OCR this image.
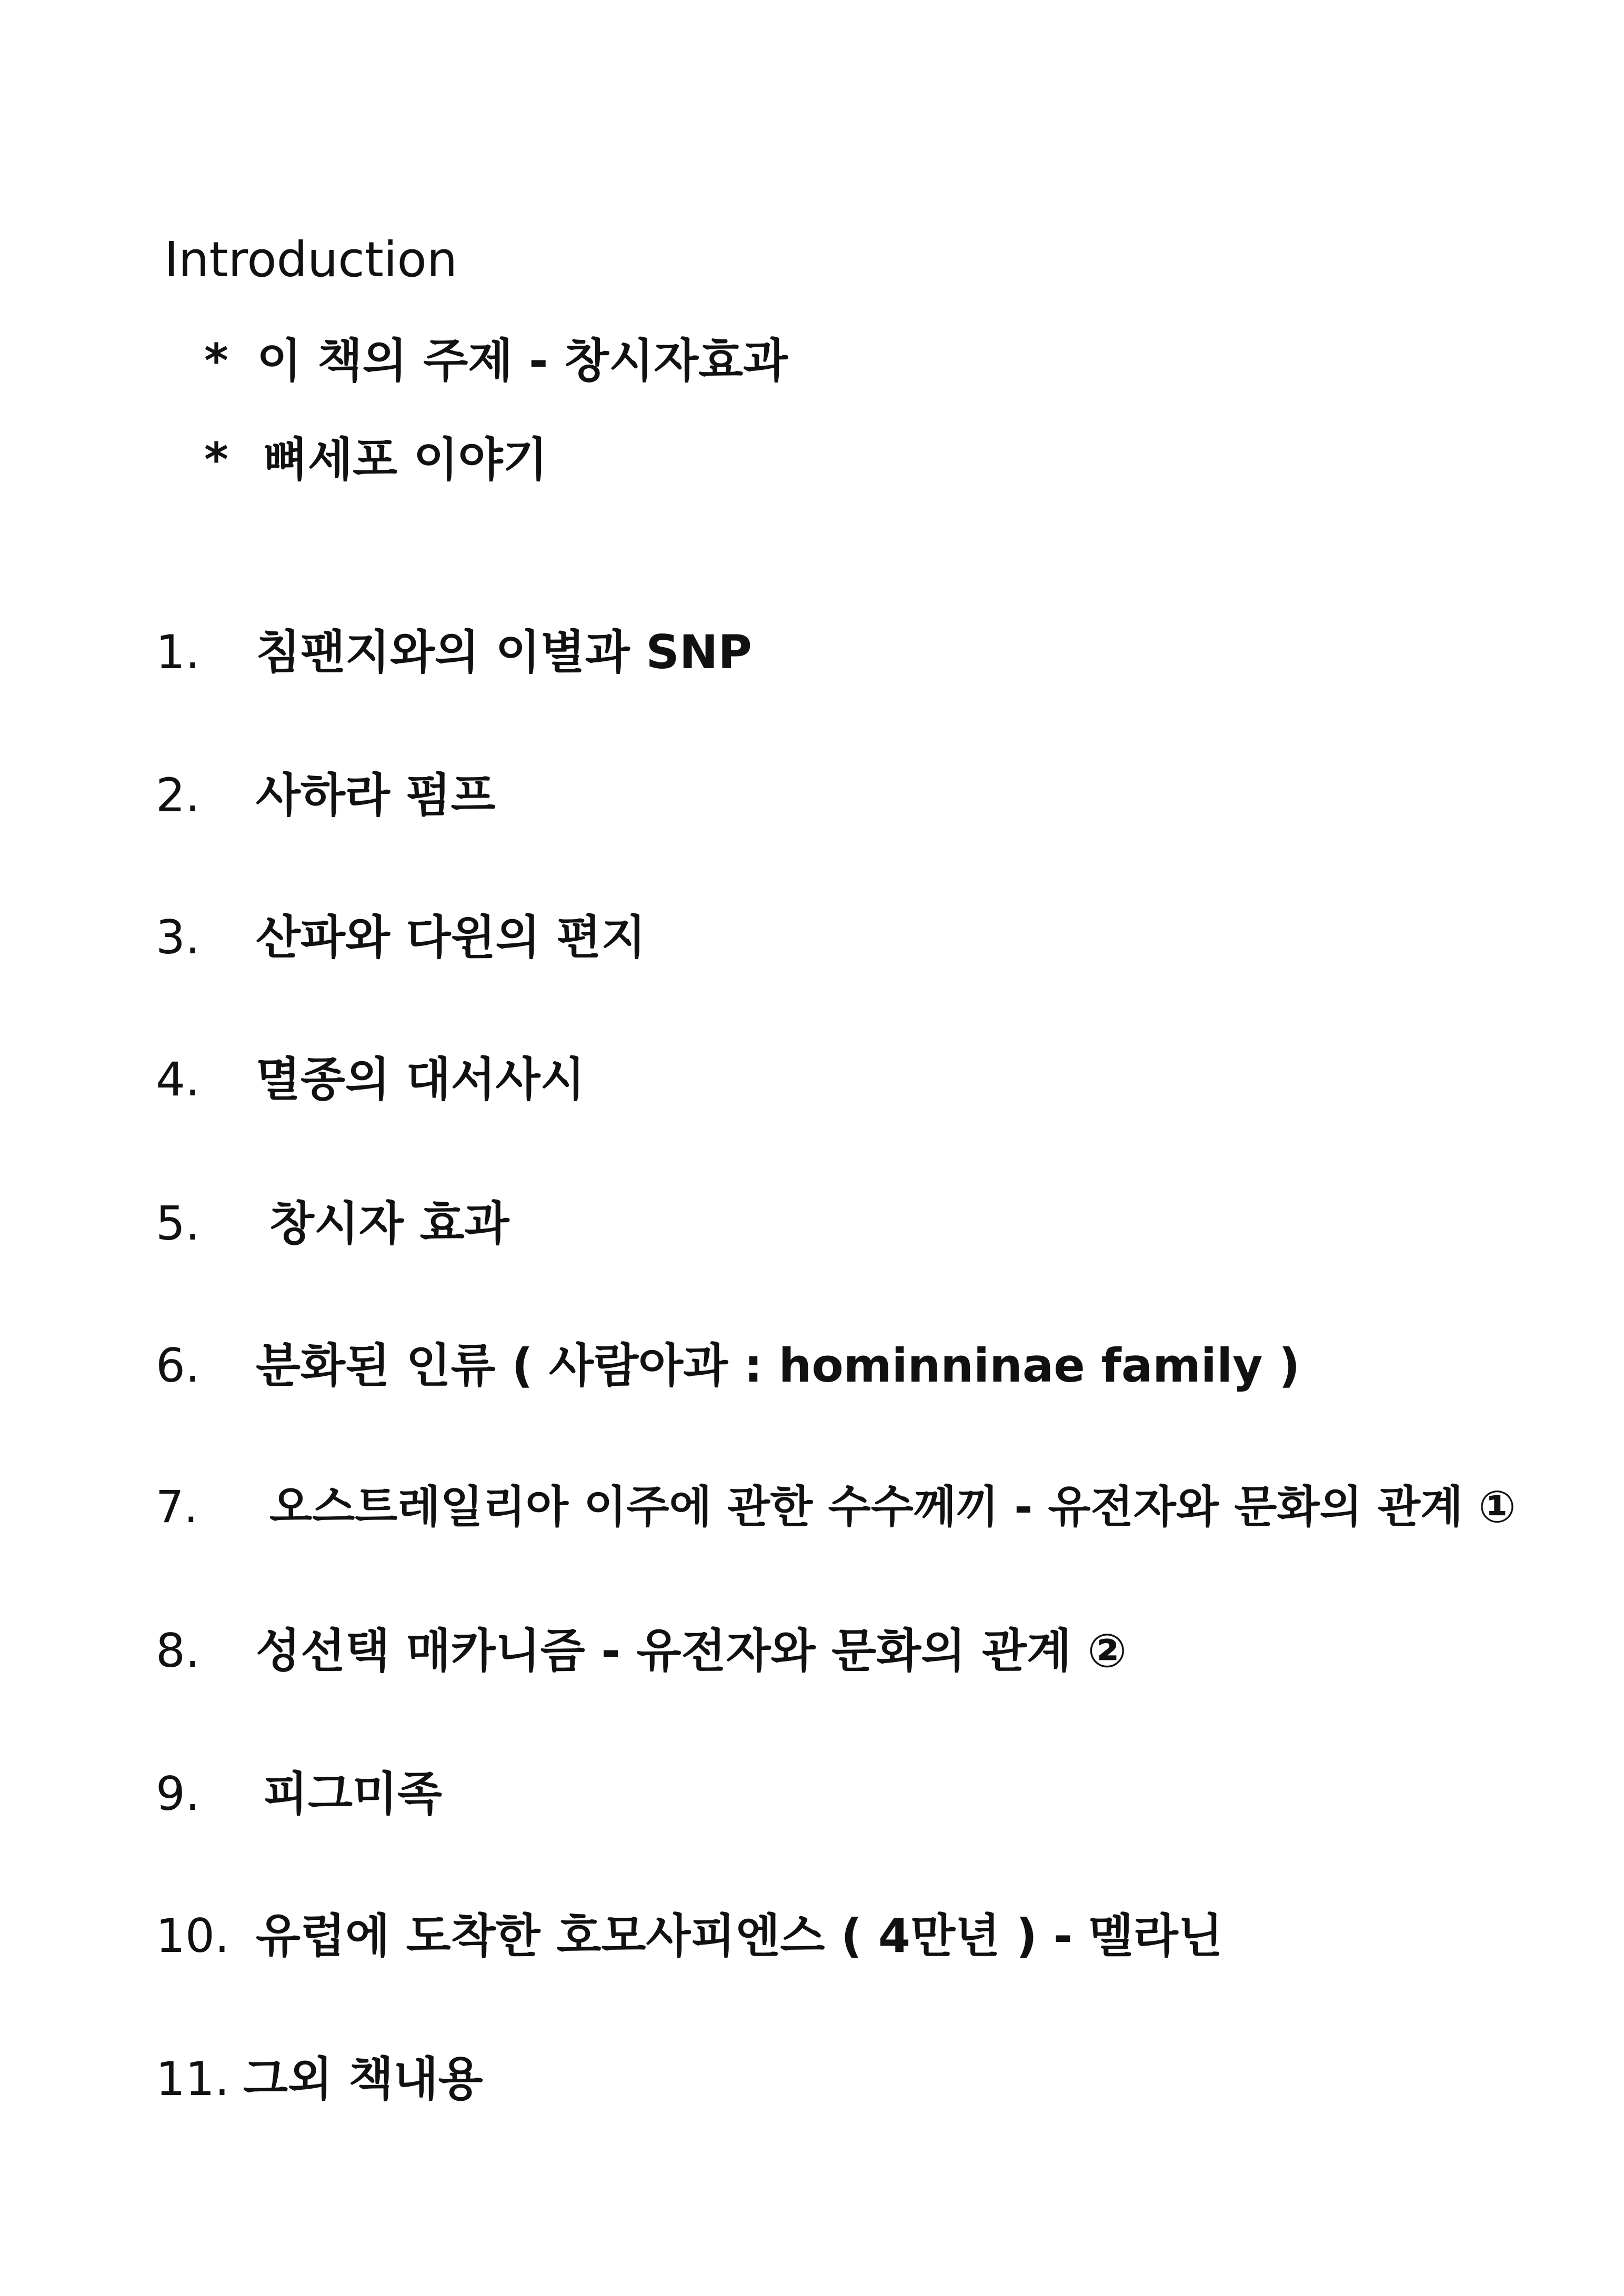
Introduction
* 이 책의 주제 - 창시자효과
* 뼈세포 이야기
1. 침팬지와의 이별과 SNP
2. 사하라 펌프
3. 산파와 다윈의 편지
4. 멸종의 대서사시
5. 창시자 효과
6. 분화된 인류 ( 사람아과 : hominninae family )
7. 오스트레일리아 이주에 관한 수수께끼 - 유전자와 문화의 관계 ①
8. 성선택 매카니즘 - 유전자와 문화의 관계 ②
9. 피그미족
10. 유럽에 도착한 호모사피엔스 ( 4만년 ) - 멜라닌
11. 그외 책내용
